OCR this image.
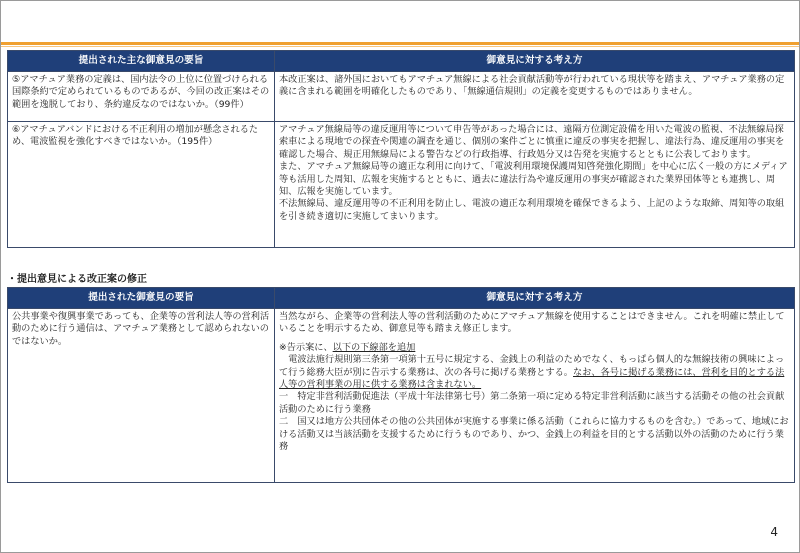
提出された主な御意見の要旨	御意見に対する考え方
⑤アマチュア業務の定義は、国内法令の上位に位置づけられる国際条約で定められているものであるが、今回の改正案はその範囲を逸脱しており、条約違反なのではないか。（99件）	本改正案は、諸外国においてもアマチュア無線による社会貢献活動等が行われている現状等を踏まえ、アマチュア業務の定義に含まれる範囲を明確化したものであり、「無線通信規則」の定義を変更するものではありません。
⑥アマチュアバンドにおける不正利用の増加が懸念されるため、電波監視を強化すべきではないか。（195件）	アマチュア無線局等の違反運用等について申告等があった場合には、遠隔方位測定設備を用いた電波の監視、不法無線局探索車による現地での探査や関連の調査を通じ、個別の案件ごとに慎重に違反の事実を把握し、違法行為、違反運用の事実を確認した場合、規正用無線局による警告などの行政指導、行政処分又は告発を実施するとともに公表しております。
また、アマチュア無線局等の適正な利用に向けて、「電波利用環境保護周知啓発強化期間」を中心に広く一般の方にメディア等も活用した周知、広報を実施するとともに、過去に違法行為や違反運用の事実が確認された業界団体等とも連携し、周知、広報を実施しています。
不法無線局、違反運用等の不正利用を防止し、電波の適正な利用環境を確保できるよう、上記のような取締、周知等の取組を引き続き適切に実施してまいります。
・提出意見による改正案の修正
提出された御意見の要旨	御意見に対する考え方
公共事業や復興事業であっても、企業等の営利法人等の営利活動のために行う通信は、アマチュア業務として認められないのではないか。	当然ながら、企業等の営利法人等の営利活動のためにアマチュア無線を使用することはできません。これを明確に禁止していることを明示するため、御意見等も踏まえ修正します。
※告示案に、以下の下線部を追加
電波法施行規則第三条第一項第十五号に規定する、金銭上の利益のためでなく、もっぱら個人的な無線技術の興味によって行う総務大臣が別に告示する業務は、次の各号に掲げる業務とする。なお、各号に掲げる業務には、営利を目的とする法人等の営利事業の用に供する業務は含まれない。
一　特定非営利活動促進法（平成十年法律第七号）第二条第一項に定める特定非営利活動に該当する活動その他の社会貢献活動のために行う業務
二　国又は地方公共団体その他の公共団体が実施する事業に係る活動（これらに協力するものを含む。）であって、地域における活動又は当該活動を支援するために行うものであり、かつ、金銭上の利益を目的とする活動以外の活動のために行う業務
4
